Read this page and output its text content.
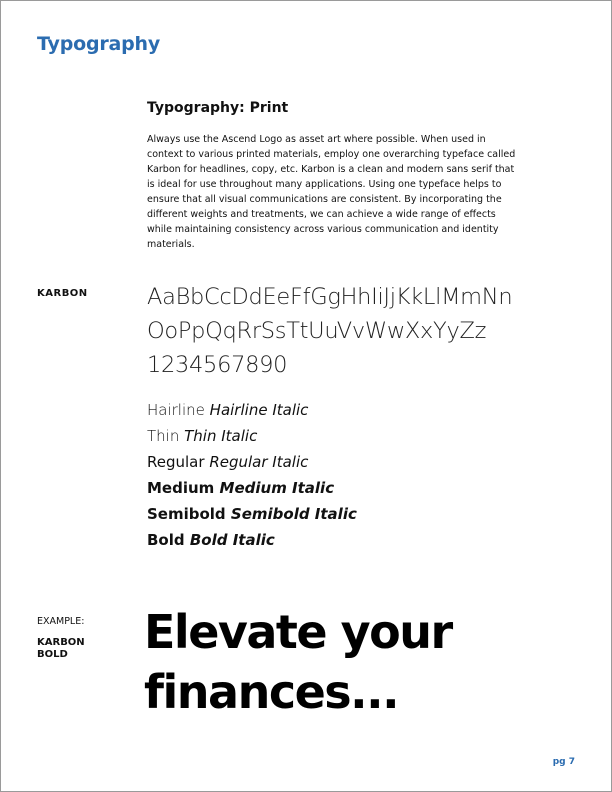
Typography
Typography: Print

Always use the Ascend Logo as asset art where possible. When used in context to various printed materials, employ one overarching typeface called Karbon for headlines, copy, etc. Karbon is a clean and modern sans serif that is ideal for use throughout many applications. Using one typeface helps to ensure that all visual communications are consistent. By incorporating the different weights and treatments, we can achieve a wide range of effects while maintaining consistency across various communication and identity materials.

KARBON	AaBbCcDdEeFfGgHhIiJjKkLlMmNn
OoPpQqRrSsTtUuVvWwXxYyZz
1234567890
Hairline Hairline Italic
Thin Thin Italic
Regular Regular Italic
Medium Medium Italic
Semibold Semibold Italic
Bold Bold Italic
EXAMPLE:
KARBON
BOLD	Elevate your
finances...
pg 7
